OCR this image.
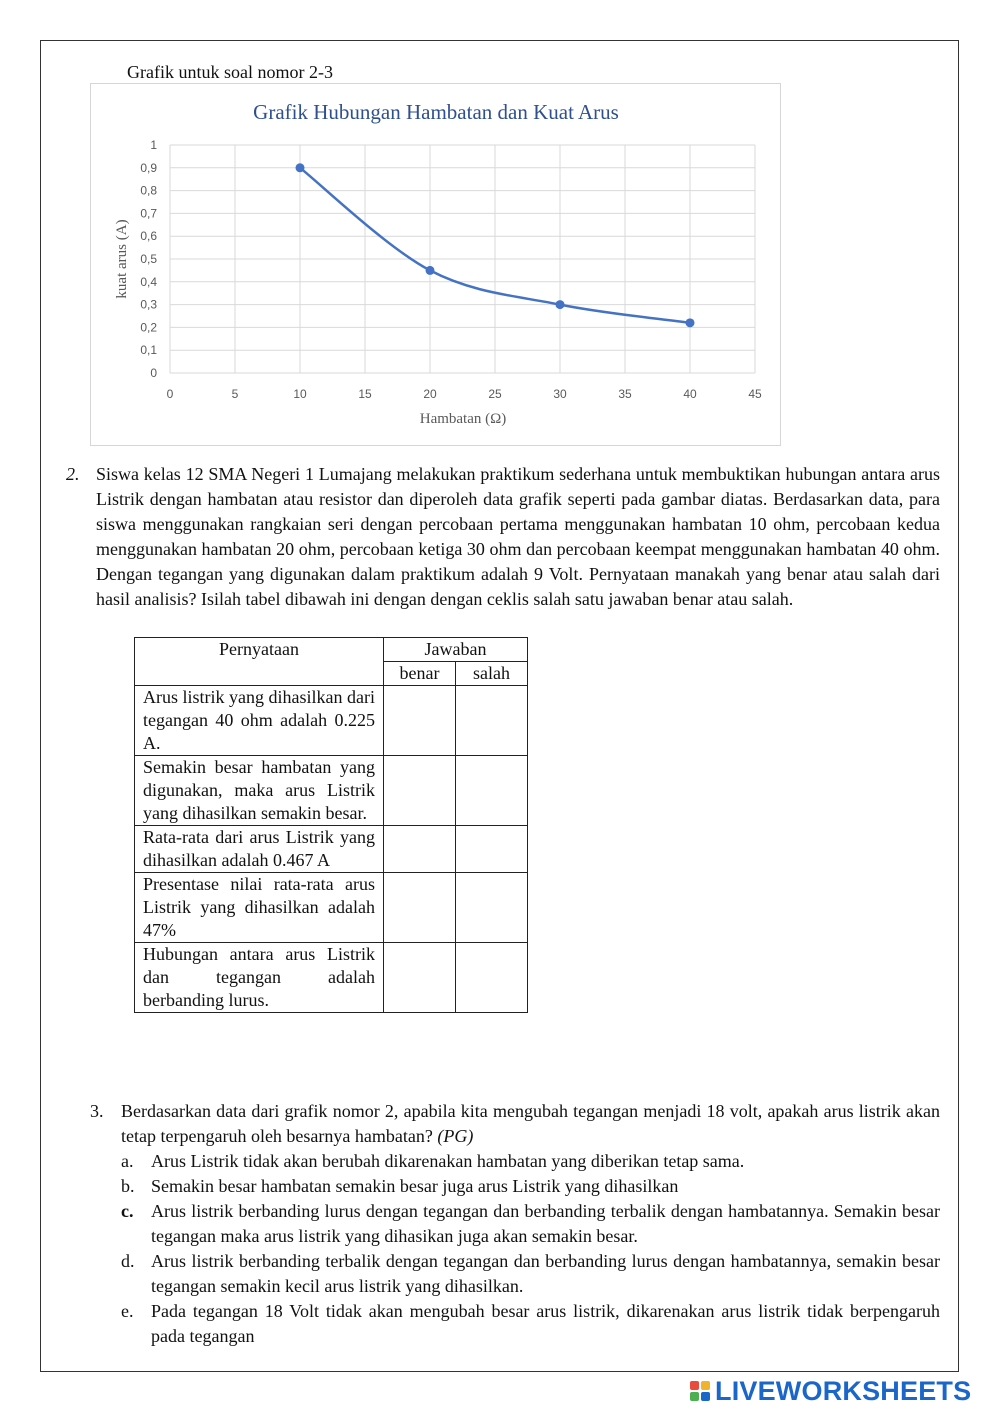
Grafik untuk soal nomor 2-3
Grafik Hubungan Hambatan dan Kuat Arus
0
0,1
0,2
0,3
0,4
0,5
0,6
0,7
0,8
0,9
1
0	5	10	15	20	25	30	35	40	45
Hambatan (Ω)
kuat arus (A)
2. Siswa kelas 12 SMA Negeri 1 Lumajang melakukan praktikum sederhana untuk membuktikan hubungan antara arus Listrik dengan hambatan atau resistor dan diperoleh data grafik seperti pada gambar diatas. Berdasarkan data, para siswa menggunakan rangkaian seri dengan percobaan pertama menggunakan hambatan 10 ohm, percobaan kedua menggunakan hambatan 20 ohm, percobaan ketiga 30 ohm dan percobaan keempat menggunakan hambatan 40 ohm. Dengan tegangan yang digunakan dalam praktikum adalah 9 Volt. Pernyataan manakah yang benar atau salah dari hasil analisis? Isilah tabel dibawah ini dengan dengan ceklis salah satu jawaban benar atau salah.
Pernyataan	Jawaban	
	benar	salah
Arus listrik yang dihasilkan dari tegangan 40 ohm adalah 0.225 A.		
Semakin besar hambatan yang digunakan, maka arus Listrik yang dihasilkan semakin besar.		
Rata-rata dari arus Listrik yang dihasilkan adalah 0.467 A		
Presentase nilai rata-rata arus Listrik yang dihasilkan adalah 47%		
Hubungan antara arus Listrik dan tegangan adalah berbanding lurus.		
3. Berdasarkan data dari grafik nomor 2, apabila kita mengubah tegangan menjadi 18 volt, apakah arus listrik akan tetap terpengaruh oleh besarnya hambatan? (PG)
a. Arus Listrik tidak akan berubah dikarenakan hambatan yang diberikan tetap sama.
b. Semakin besar hambatan semakin besar juga arus Listrik yang dihasilkan
c. Arus listrik berbanding lurus dengan tegangan dan berbanding terbalik dengan hambatannya. Semakin besar tegangan maka arus listrik yang dihasikan juga akan semakin besar.
d. Arus listrik berbanding terbalik dengan tegangan dan berbanding lurus dengan hambatannya, semakin besar tegangan semakin kecil arus listrik yang dihasilkan.
e. Pada tegangan 18 Volt tidak akan mengubah besar arus listrik, dikarenakan arus listrik tidak berpengaruh pada tegangan
LIVEWORKSHEETS
